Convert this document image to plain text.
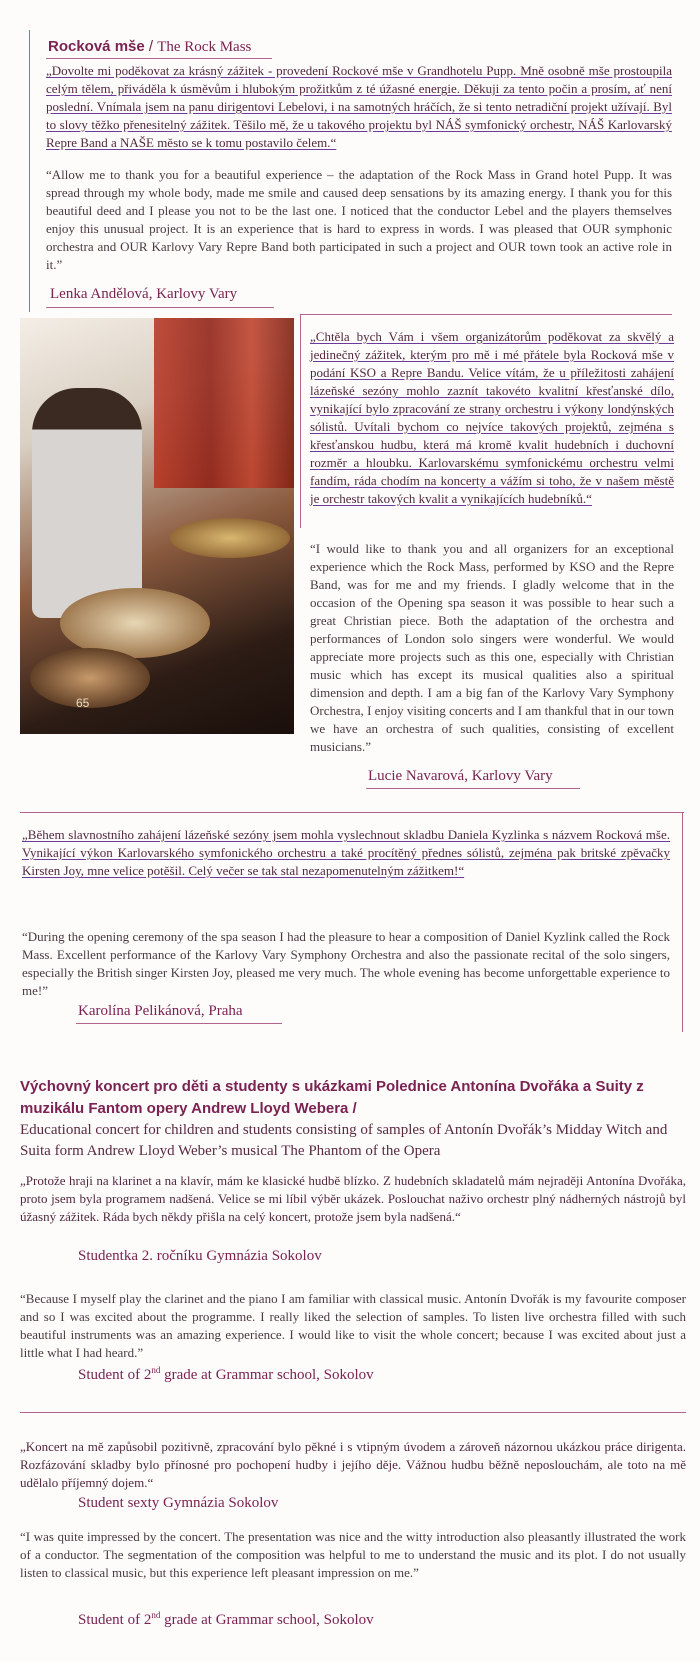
Rocková mše / The Rock Mass
„Dovolte mi poděkovat za krásný zážitek - provedení Rockové mše v Grandhotelu Pupp. Mně osobně mše prostoupila celým tělem, přiváděla k úsměvům i hlubokým prožitkům z té úžasné energie. Děkuji za tento počin a prosím, ať není poslední. Vnímala jsem na panu dirigentovi Lebelovi, i na samotných hráčích, že si tento netradiční projekt užívají. Byl to slovy těžko přenesitelný zážitek. Těšilo mě, že u takového projektu byl NÁŠ symfonický orchestr, NÁŠ Karlovarský Repre Band a NAŠE město se k tomu postavilo čelem.“
“Allow me to thank you for a beautiful experience – the adaptation of the Rock Mass in Grand hotel Pupp. It was spread through my whole body, made me smile and caused deep sensations by its amazing energy. I thank you for this beautiful deed and I please you not to be the last one. I noticed that the conductor Lebel and the players themselves enjoy this unusual project. It is an experience that is hard to express in words. I was pleased that OUR symphonic orchestra and OUR Karlovy Vary Repre Band both participated in such a project and OUR town took an active role in it.”
Lenka Andělová, Karlovy Vary
65
„Chtěla bych Vám i všem organizátorům poděkovat za skvělý a jedinečný zážitek, kterým pro mě i mé přátele byla Rocková mše v podání KSO a Repre Bandu. Velice vítám, že u příležitosti zahájení lázeňské sezóny mohlo zaznít takovéto kvalitní křesťanské dílo, vynikající bylo zpracování ze strany orchestru i výkony londýnských sólistů. Uvítali bychom co nejvíce takových projektů, zejména s křesťanskou hudbu, která má kromě kvalit hudebních i duchovní rozměr a hloubku. Karlovarskému symfonickému orchestru velmi fandím, ráda chodím na koncerty a vážím si toho, že v našem městě je orchestr takových kvalit a vynikajících hudebníků.“
“I would like to thank you and all organizers for an exceptional experience which the Rock Mass, performed by KSO and the Repre Band, was for me and my friends. I gladly welcome that in the occasion of the Opening spa season it was possible to hear such a great Christian piece. Both the adaptation of the orchestra and performances of London solo singers were wonderful. We would appreciate more projects such as this one, especially with Christian music which has except its musical qualities also a spiritual dimension and depth. I am a big fan of the Karlovy Vary Symphony Orchestra, I enjoy visiting concerts and I am thankful that in our town we have an orchestra of such qualities, consisting of excellent musicians.”
Lucie Navarová, Karlovy Vary
„Během slavnostního zahájení lázeňské sezóny jsem mohla vyslechnout skladbu Daniela Kyzlinka s názvem Rocková mše. Vynikající výkon Karlovarského symfonického orchestru a také procítěný přednes sólistů, zejména pak britské zpěvačky Kirsten Joy, mne velice potěšil. Celý večer se tak stal nezapomenutelným zážitkem!“
“During the opening ceremony of the spa season I had the pleasure to hear a composition of Daniel Kyzlink called the Rock Mass. Excellent performance of the Karlovy Vary Symphony Orchestra and also the passionate recital of the solo singers, especially the British singer Kirsten Joy, pleased me very much. The whole evening has become unforgettable experience to me!”
Karolína Pelikánová, Praha
Výchovný koncert pro děti a studenty s ukázkami Polednice Antonína Dvořáka a Suity z muzikálu Fantom opery Andrew Lloyd Webera /
Educational concert for children and students consisting of samples of Antonín Dvořák’s Midday Witch and Suita form Andrew Lloyd Weber’s musical The Phantom of the Opera
„Protože hraji na klarinet a na klavír, mám ke klasické hudbě blízko. Z hudebních skladatelů mám nejraději Antonína Dvořáka, proto jsem byla programem nadšená. Velice se mi líbil výběr ukázek. Poslouchat naživo orchestr plný nádherných nástrojů byl úžasný zážitek. Ráda bych někdy přišla na celý koncert, protože jsem byla nadšená.“
Studentka 2. ročníku Gymnázia Sokolov
“Because I myself play the clarinet and the piano I am familiar with classical music. Antonín Dvořák is my favourite composer and so I was excited about the programme. I really liked the selection of samples. To listen live orchestra filled with such beautiful instruments was an amazing experience. I would like to visit the whole concert; because I was excited about just a little what I had heard.”
Student of 2nd grade at Grammar school, Sokolov
„Koncert na mě zapůsobil pozitivně, zpracování bylo pěkné i s vtipným úvodem a zároveň názornou ukázkou práce dirigenta. Rozfázování skladby bylo přínosné pro pochopení hudby i jejího děje. Vážnou hudbu běžně neposlouchám, ale toto na mě udělalo příjemný dojem.“
Student sexty Gymnázia Sokolov
“I was quite impressed by the concert. The presentation was nice and the witty introduction also pleasantly illustrated the work of a conductor. The segmentation of the composition was helpful to me to understand the music and its plot. I do not usually listen to classical music, but this experience left pleasant impression on me.”
Student of 2nd grade at Grammar school, Sokolov
